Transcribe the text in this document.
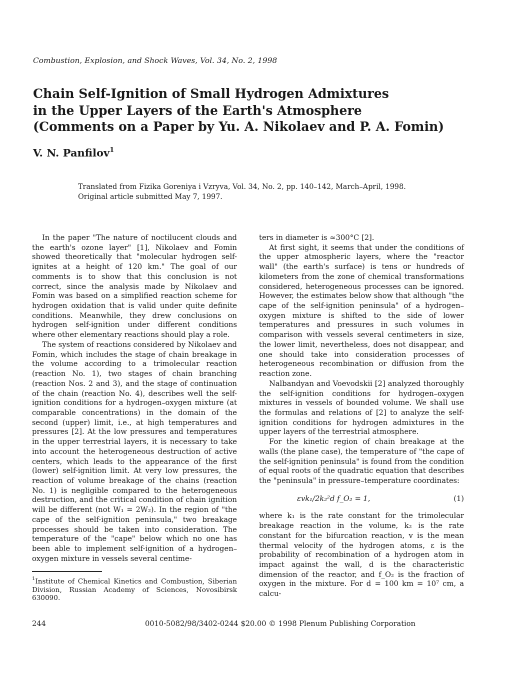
Combustion, Explosion, and Shock Waves, Vol. 34, No. 2, 1998
Chain Self-Ignition of Small Hydrogen Admixtures
in the Upper Layers of the Earth's Atmosphere
(Comments on a Paper by Yu. A. Nikolaev and P. A. Fomin)
V. N. Panfilov$^1$
Translated from Fizika Goreniya i Vzryva, Vol. 34, No. 2, pp. 140–142, March–April, 1998.
Original article submitted May 7, 1997.

In the paper "The nature of noctilucent clouds and the earth's ozone layer" [1], Nikolaev and Fomin showed theoretically that "molecular hydrogen self-ignites at a height of 120 km." The goal of our comments is to show that this conclusion is not correct, since the analysis made by Nikolaev and Fomin was based on a simplified reaction scheme for hydrogen oxidation that is valid under quite definite conditions. Meanwhile, they drew conclusions on hydrogen self-ignition under different conditions where other elementary reactions should play a role.

The system of reactions considered by Nikolaev and Fomin, which includes the stage of chain breakage in the volume according to a trimolecular reaction (reaction No. 1), two stages of chain branching (reaction Nos. 2 and 3), and the stage of continuation of the chain (reaction No. 4), describes well the self-ignition conditions for a hydrogen–oxygen mixture (at comparable concentrations) in the domain of the second (upper) limit, i.e., at high temperatures and pressures [2]. At the low pressures and temperatures in the upper terrestrial layers, it is necessary to take into account the heterogeneous destruction of active centers, which leads to the appearance of the first (lower) self-ignition limit. At very low pressures, the reaction of volume breakage of the chains (reaction No. 1) is negligible compared to the heterogeneous destruction, and the critical condition of chain ignition will be different (not W₁ = 2W₂). In the region of "the cape of the self-ignition peninsula," two breakage processes should be taken into consideration. The temperature of the "cape" below which no one has been able to implement self-ignition of a hydrogen–oxygen mixture in vessels several centime-

ters in diameter is ≈300°C [2].

At first sight, it seems that under the conditions of the upper atmospheric layers, where the "reactor wall" (the earth's surface) is tens or hundreds of kilometers from the zone of chemical transformations considered, heterogeneous processes can be ignored. However, the estimates below show that although "the cape of the self-ignition peninsula" of a hydrogen–oxygen mixture is shifted to the side of lower temperatures and pressures in such volumes in comparison with vessels several centimeters in size, the lower limit, nevertheless, does not disappear, and one should take into consideration processes of heterogeneous recombination or diffusion from the reaction zone.

Nalbandyan and Voevodskii [2] analyzed thoroughly the self-ignition conditions for hydrogen–oxygen mixtures in vessels of bounded volume. We shall use the formulas and relations of [2] to analyze the self-ignition conditions for hydrogen admixtures in the upper layers of the terrestrial atmosphere.

For the kinetic region of chain breakage at the walls (the plane case), the temperature of "the cape of the self-ignition peninsula" is found from the condition of equal roots of the quadratic equation that describes the "peninsula" in pressure–temperature coordinates:

εvk₁/2k₂²d f_O₂ = 1,	(1)

where k₁ is the rate constant for the trimolecular breakage reaction in the volume, k₂ is the rate constant for the bifurcation reaction, v is the mean thermal velocity of the hydrogen atoms, ε is the probability of recombination of a hydrogen atom in impact against the wall, d is the characteristic dimension of the reactor, and f_O₂ is the fraction of oxygen in the mixture. For d = 100 km = 10⁷ cm, a calcu-

$^1$Institute of Chemical Kinetics and Combustion, Siberian Division, Russian Academy of Sciences, Novosibirsk 630090.
244	0010-5082/98/3402-0244 $20.00 © 1998 Plenum Publishing Corporation
